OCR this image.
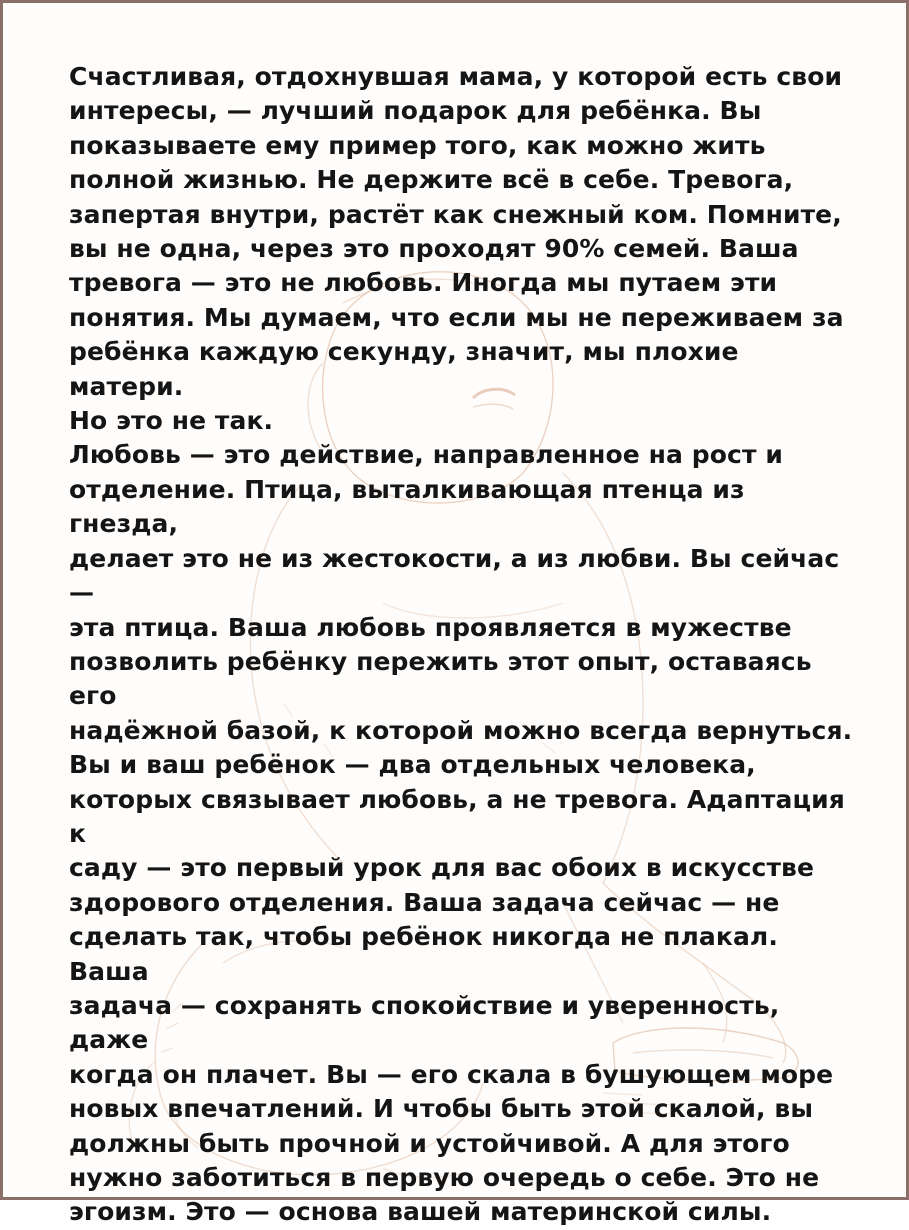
Счастливая, отдохнувшая мама, у которой есть свои
интересы, — лучший подарок для ребёнка. Вы
показываете ему пример того, как можно жить
полной жизнью. Не держите всё в себе. Тревога,
запертая внутри, растёт как снежный ком. Помните,
вы не одна, через это проходят 90% семей. Ваша
тревога — это не любовь. Иногда мы путаем эти
понятия. Мы думаем, что если мы не переживаем за
ребёнка каждую секунду, значит, мы плохие матери.
Но это не так.

Любовь — это действие, направленное на рост и
отделение. Птица, выталкивающая птенца из гнезда,
делает это не из жестокости, а из любви. Вы сейчас —
эта птица. Ваша любовь проявляется в мужестве
позволить ребёнку пережить этот опыт, оставаясь его
надёжной базой, к которой можно всегда вернуться.
Вы и ваш ребёнок — два отдельных человека,
которых связывает любовь, а не тревога. Адаптация к
саду — это первый урок для вас обоих в искусстве
здорового отделения. Ваша задача сейчас — не
сделать так, чтобы ребёнок никогда не плакал. Ваша
задача — сохранять спокойствие и уверенность, даже
когда он плачет. Вы — его скала в бушующем море
новых впечатлений. И чтобы быть этой скалой, вы
должны быть прочной и устойчивой. А для этого
нужно заботиться в первую очередь о себе. Это не
эгоизм. Это — основа вашей материнской силы.
